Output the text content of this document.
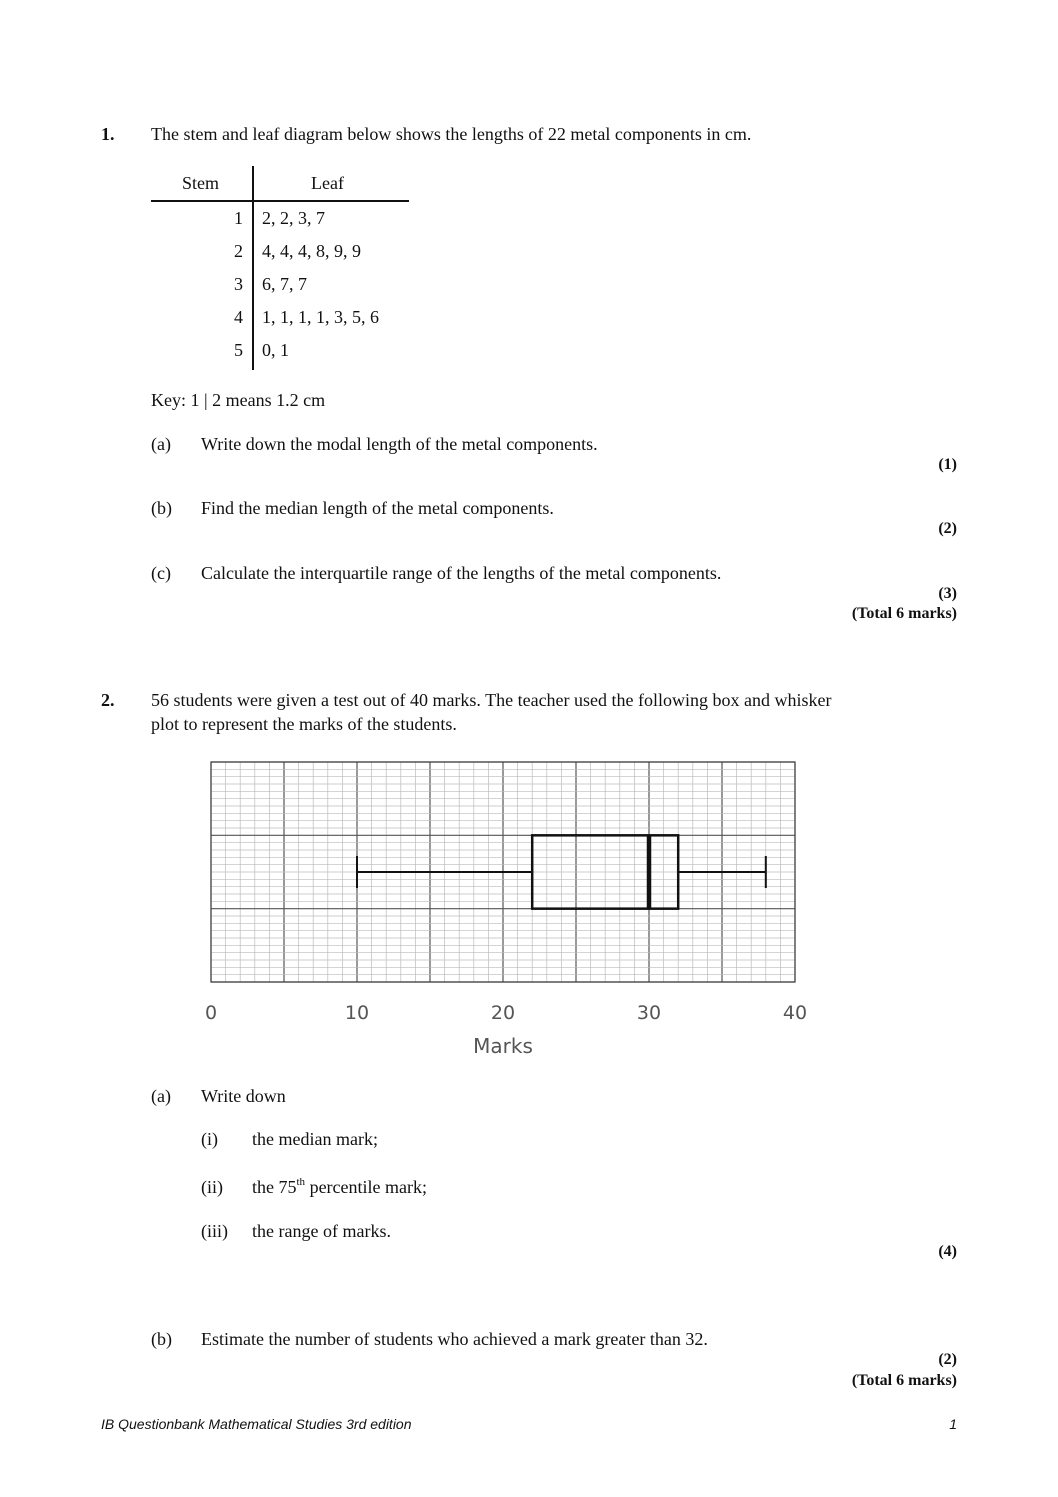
1. The stem and leaf diagram below shows the lengths of 22 metal components in cm.
Stem	Leaf
1 2, 2, 3, 7
2 4, 4, 4, 8, 9, 9
3 6, 7, 7
4 1, 1, 1, 1, 3, 5, 6
5 0, 1
Key: 1 | 2 means 1.2 cm
(a) Write down the modal length of the metal components.
(1)
(b) Find the median length of the metal components.
(2)
(c) Calculate the interquartile range of the lengths of the metal components.
(3)
(Total 6 marks)
2. 56 students were given a test out of 40 marks. The teacher used the following box and whisker
plot to represent the marks of the students.
0	10	20	30	40
Marks
(a) Write down
(i) the median mark;
(ii) the 75th percentile mark;
(iii) the range of marks.
(4)
(b) Estimate the number of students who achieved a mark greater than 32.
(2)
(Total 6 marks)
IB Questionbank Mathematical Studies 3rd edition	1
